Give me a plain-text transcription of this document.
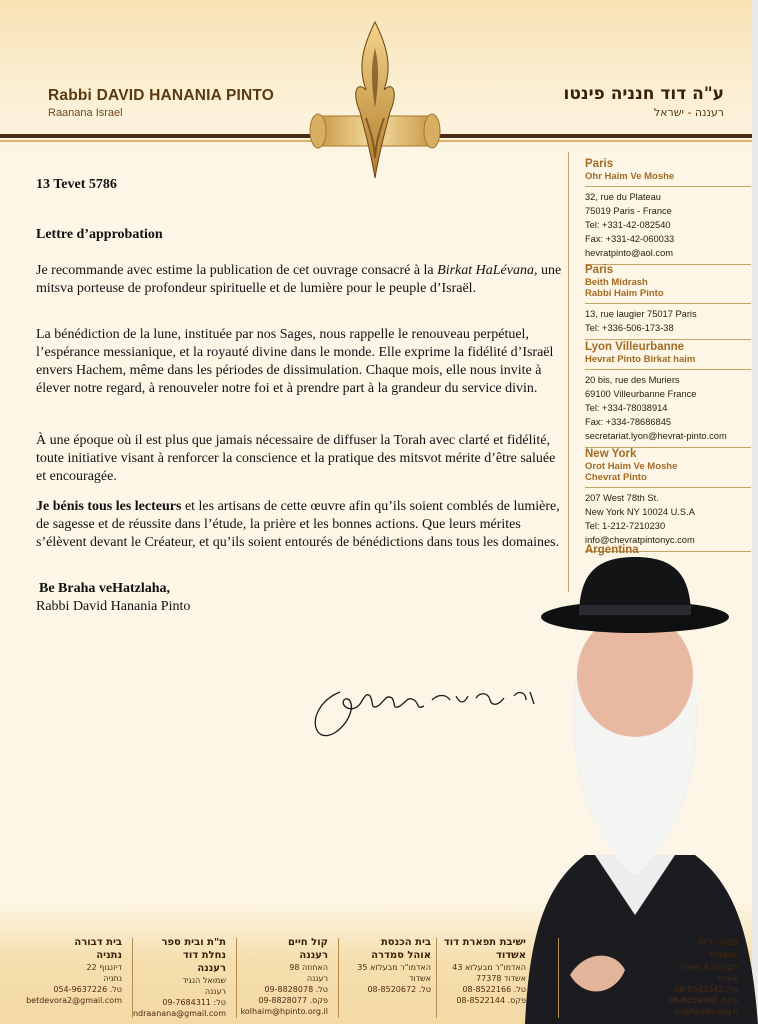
Rabbi DAVID HANANIA PINTO
Raanana Israel
ע"ה דוד חנניה פינטו
רעננה - ישראל
Paris
Ohr Haim Ve Moshe
32, rue du Plateau
75019 Paris - France
Tel: +331-42-082540
Fax: +331-42-060033
hevratpinto@aol.com
Paris
Beith Midrash
Rabbi Haim Pinto
13, rue laugier 75017 Paris
Tel: +336-506-173-38
Lyon Villeurbanne
Hevrat Pinto Birkat haim
20 bis, rue des Muriers
69100 Villeurbanne France
Tel: +334-78038914
Fax: +334-78686845
secretariat.lyon@hevrat-pinto.com
New York
Orot Haim Ve Moshe
Chevrat Pinto
207 West 78th St.
New York NY 10024 U.S.A
Tel: 1-212-7210230
info@chevratpintonyc.com
Argentina
13 Tevet 5786
Lettre d’approbation

Je recommande avec estime la publication de cet ouvrage consacré à la Birkat HaLévana, une mitsva porteuse de profondeur spirituelle et de lumière pour le peuple d’Israël.

La bénédiction de la lune, instituée par nos Sages, nous rappelle le renouveau perpétuel, l’espérance messianique, et la royauté divine dans le monde. Elle exprime la fidélité d’Israël envers Hachem, même dans les périodes de dissimulation. Chaque mois, elle nous invite à élever notre regard, à renouveler notre foi et à prendre part à la grandeur du service divin.

À une époque où il est plus que jamais nécessaire de diffuser la Torah avec clarté et fidélité, toute initiative visant à renforcer la conscience et la pratique des mitsvot mérite d’être saluée et encouragée.

Je bénis tous les lecteurs et les artisans de cette œuvre afin qu’ils soient comblés de lumière, de sagesse et de réussite dans l’étude, la prière et les bonnes actions. Que leurs mérites s’élèvent devant le Créateur, et qu’ils soient entourés de bénédictions dans tous les domaines.

Be Braha veHatzlaha,
Rabbi David Hanania Pinto
פניני דוד
אשדוד
הקליטה 3 (סיטי)
אשדוד
טל. 08-8543342
פקס. 08-8659498
ct@hpinto.org.il
ישיבת תפארת דוד
אשדוד
האדמו"ר מבעלזא 43
אשדוד 77378
טל. 08-8522166
פקס. 08-8522144
בית הכנסת
אוהל סמדרה
האדמו"ר מבעלזא 35
אשדוד
טל. 08-8520672
קול חיים
רעננה
האחוזה 98
רעננה
טל. 09-8828078
פקס. 09-8828077
kolhaim@hpinto.org.il
ת"ת ובית ספר
נחלת דוד
רעננה
שמואל הנגיד
רעננה
טל: 09-7684311
ndraanana@gmail.com
בית דבורה
נתניה
דיזנגוף 22
נתניה
טל. 054-9637226
betdevora2@gmail.com
